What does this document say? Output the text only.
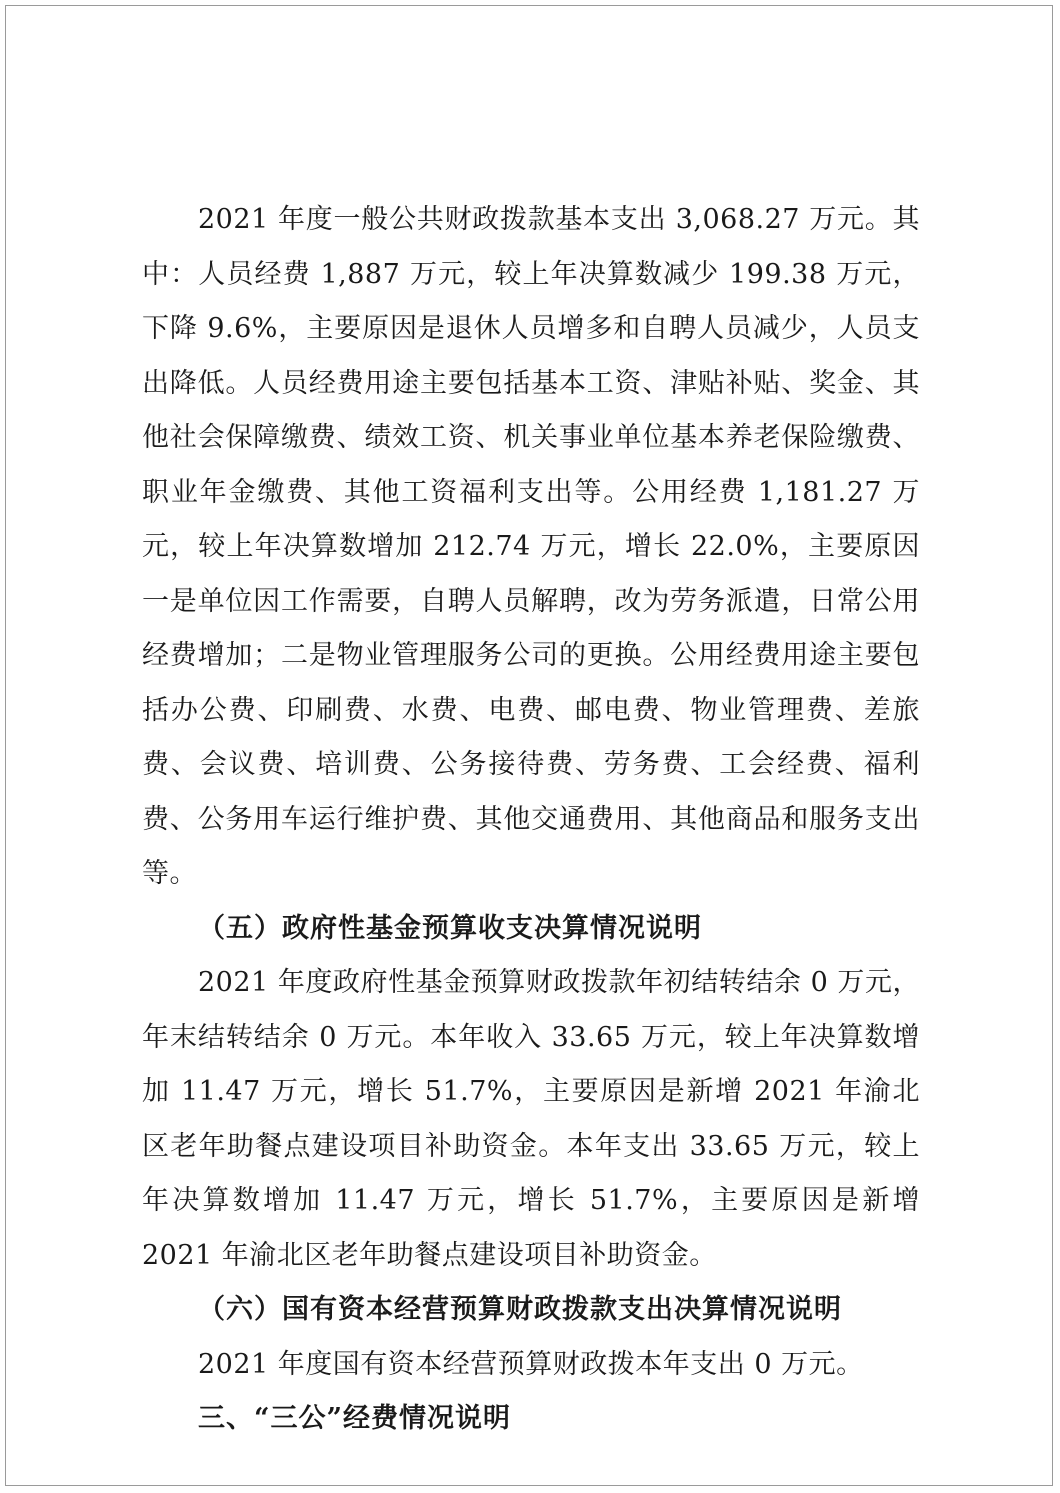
2021 年度一般公共财政拨款基本支出 3,068.27 万元。其中：人员经费 1,887 万元，较上年决算数减少 199.38 万元，下降 9.6%，主要原因是退休人员增多和自聘人员减少，人员支出降低。人员经费用途主要包括基本工资、津贴补贴、奖金、其他社会保障缴费、绩效工资、机关事业单位基本养老保险缴费、职业年金缴费、其他工资福利支出等。公用经费 1,181.27 万元，较上年决算数增加 212.74 万元，增长 22.0%，主要原因一是单位因工作需要，自聘人员解聘，改为劳务派遣，日常公用经费增加；二是物业管理服务公司的更换。公用经费用途主要包括办公费、印刷费、水费、电费、邮电费、物业管理费、差旅费、会议费、培训费、公务接待费、劳务费、工会经费、福利费、公务用车运行维护费、其他交通费用、其他商品和服务支出等。

（五）政府性基金预算收支决算情况说明

2021 年度政府性基金预算财政拨款年初结转结余 0 万元，年末结转结余 0 万元。本年收入 33.65 万元，较上年决算数增加 11.47 万元，增长 51.7%，主要原因是新增 2021 年渝北区老年助餐点建设项目补助资金。本年支出 33.65 万元，较上年决算数增加 11.47 万元，增长 51.7%，主要原因是新增 2021 年渝北区老年助餐点建设项目补助资金。

（六）国有资本经营预算财政拨款支出决算情况说明

2021 年度国有资本经营预算财政拨本年支出 0 万元。

三、“三公”经费情况说明
